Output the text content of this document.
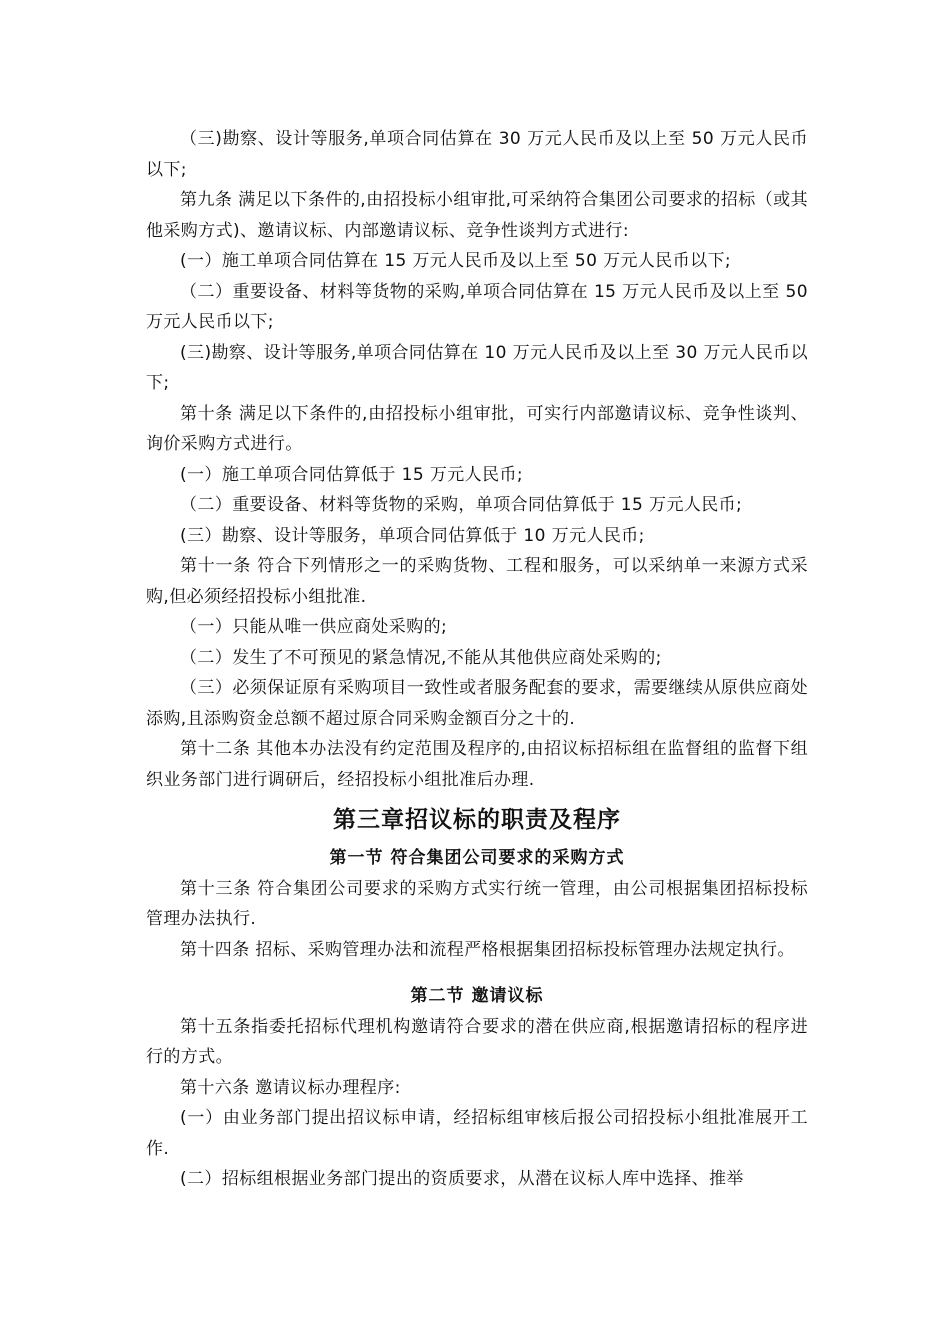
（三)勘察、设计等服务,单项合同估算在 30 万元人民币及以上至 50 万元人民币以下;

第九条 满足以下条件的,由招投标小组审批,可采纳符合集团公司要求的招标（或其他采购方式)、邀请议标、内部邀请议标、竞争性谈判方式进行:

(一）施工单项合同估算在 15 万元人民币及以上至 50 万元人民币以下;

（二）重要设备、材料等货物的采购,单项合同估算在 15 万元人民币及以上至 50 万元人民币以下;

(三)勘察、设计等服务,单项合同估算在 10 万元人民币及以上至 30 万元人民币以下;

第十条 满足以下条件的,由招投标小组审批，可实行内部邀请议标、竞争性谈判、询价采购方式进行。

(一）施工单项合同估算低于 15 万元人民币;

（二）重要设备、材料等货物的采购，单项合同估算低于 15 万元人民币;

(三）勘察、设计等服务，单项合同估算低于 10 万元人民币;

第十一条 符合下列情形之一的采购货物、工程和服务，可以采纳单一来源方式采购,但必须经招投标小组批准.

（一）只能从唯一供应商处采购的;

（二）发生了不可预见的紧急情况,不能从其他供应商处采购的;

（三）必须保证原有采购项目一致性或者服务配套的要求，需要继续从原供应商处添购,且添购资金总额不超过原合同采购金额百分之十的.

第十二条 其他本办法没有约定范围及程序的,由招议标招标组在监督组的监督下组织业务部门进行调研后，经招投标小组批准后办理.

第三章招议标的职责及程序
第一节 符合集团公司要求的采购方式

第十三条 符合集团公司要求的采购方式实行统一管理，由公司根据集团招标投标管理办法执行.

第十四条 招标、采购管理办法和流程严格根据集团招标投标管理办法规定执行。

第二节 邀请议标

第十五条指委托招标代理机构邀请符合要求的潜在供应商,根据邀请招标的程序进行的方式。

第十六条 邀请议标办理程序:

(一）由业务部门提出招议标申请，经招标组审核后报公司招投标小组批准展开工作.

(二）招标组根据业务部门提出的资质要求，从潜在议标人库中选择、推举
